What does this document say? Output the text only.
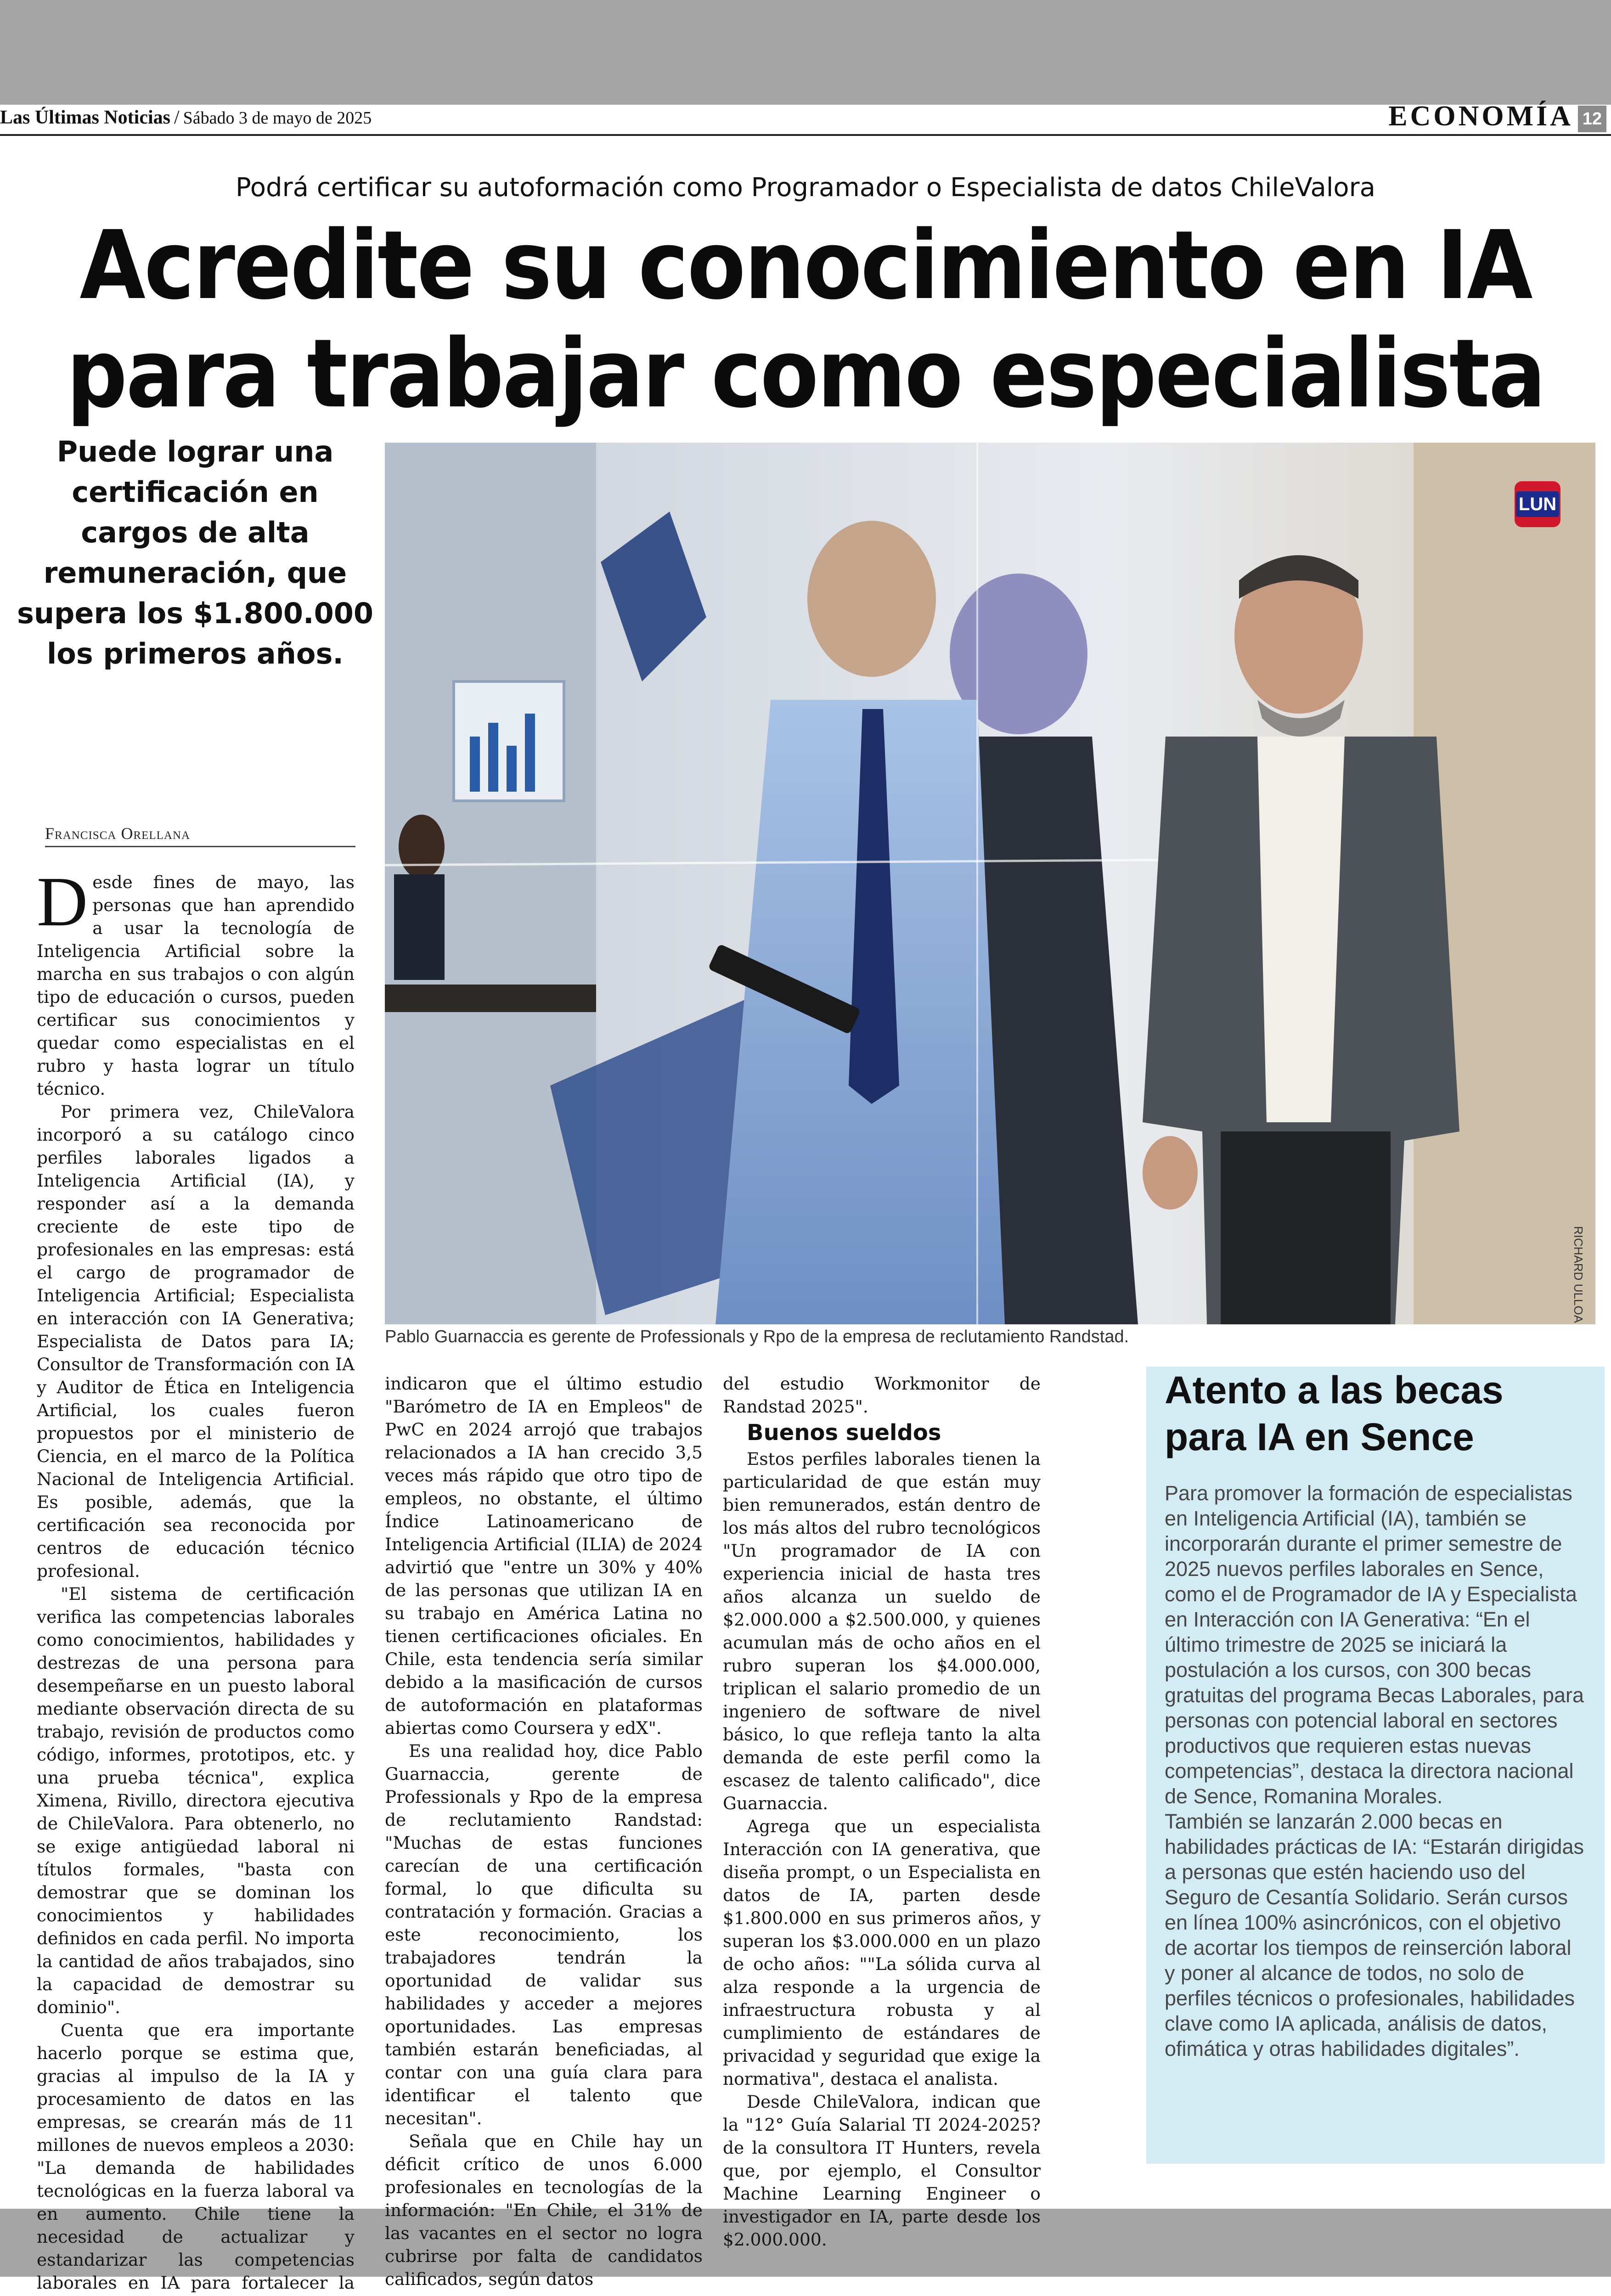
Las Últimas Noticias / Sábado 3 de mayo de 2025	ECONOMÍA 12
Podrá certificar su autoformación como Programador o Especialista de datos ChileValora
Acredite su conocimiento en IA para trabajar como especialista
Puede lograr una certificación en cargos de alta remuneración, que supera los $1.800.000 los primeros años.
Francisca Orellana

Desde fines de mayo, las personas que han aprendido a usar la tecnología de Inteligencia Artificial sobre la marcha en sus trabajos o con algún tipo de educación o cursos, pueden certificar sus conocimientos y quedar como especialistas en el rubro y hasta lograr un título técnico.

Por primera vez, ChileValora incorporó a su catálogo cinco perfiles laborales ligados a Inteligencia Artificial (IA), y responder así a la demanda creciente de este tipo de profesionales en las empresas: está el cargo de programador de Inteligencia Artificial; Especialista en interacción con IA Generativa; Especialista de Datos para IA; Consultor de Transformación con IA y Auditor de Ética en Inteligencia Artificial, los cuales fueron propuestos por el ministerio de Ciencia, en el marco de la Política Nacional de Inteligencia Artificial. Es posible, además, que la certificación sea reconocida por centros de educación técnico profesional.

"El sistema de certificación verifica las competencias laborales como conocimientos, habilidades y destrezas de una persona para desempeñarse en un puesto laboral mediante observación directa de su trabajo, revisión de productos como código, informes, prototipos, etc. y una prueba técnica", explica Ximena, Rivillo, directora ejecutiva de ChileValora. Para obtenerlo, no se exige antigüedad laboral ni títulos formales, "basta con demostrar que se dominan los conocimientos y habilidades definidos en cada perfil. No importa la cantidad de años trabajados, sino la capacidad de demostrar su dominio".

Cuenta que era importante hacerlo porque se estima que, gracias al impulso de la IA y procesamiento de datos en las empresas, se crearán más de 11 millones de nuevos empleos a 2030: "La demanda de habilidades tecnológicas en la fuerza laboral va en aumento. Chile tiene la necesidad de actualizar y estandarizar las competencias laborales en IA para fortalecer la

LUN
RICHARD ULLOA
Pablo Guarnaccia es gerente de Professionals y Rpo de la empresa de reclutamiento Randstad.

indicaron que el último estudio "Barómetro de IA en Empleos" de PwC en 2024 arrojó que trabajos relacionados a IA han crecido 3,5 veces más rápido que otro tipo de empleos, no obstante, el último Índice Latinoamericano de Inteligencia Artificial (ILIA) de 2024 advirtió que "entre un 30% y 40% de las personas que utilizan IA en su trabajo en América Latina no tienen certificaciones oficiales. En Chile, esta tendencia sería similar debido a la masificación de cursos de autoformación en plataformas abiertas como Coursera y edX".

Es una realidad hoy, dice Pablo Guarnaccia, gerente de Professionals y Rpo de la empresa de reclutamiento Randstad: "Muchas de estas funciones carecían de una certificación formal, lo que dificulta su contratación y formación. Gracias a este reconocimiento, los trabajadores tendrán la oportunidad de validar sus habilidades y acceder a mejores oportunidades. Las empresas también estarán beneficiadas, al contar con una guía clara para identificar el talento que necesitan".

Señala que en Chile hay un déficit crítico de unos 6.000 profesionales en tecnologías de la información: "En Chile, el 31% de las vacantes en el sector no logra cubrirse por falta de candidatos calificados, según datos

del estudio Workmonitor de Randstad 2025".

Buenos sueldos

Estos perfiles laborales tienen la particularidad de que están muy bien remunerados, están dentro de los más altos del rubro tecnológicos "Un programador de IA con experiencia inicial de hasta tres años alcanza un sueldo de $2.000.000 a $2.500.000, y quienes acumulan más de ocho años en el rubro superan los $4.000.000, triplican el salario promedio de un ingeniero de software de nivel básico, lo que refleja tanto la alta demanda de este perfil como la escasez de talento calificado", dice Guarnaccia.

Agrega que un especialista Interacción con IA generativa, que diseña prompt, o un Especialista en datos de IA, parten desde $1.800.000 en sus primeros años, y superan los $3.000.000 en un plazo de ocho años: ""La sólida curva al alza responde a la urgencia de infraestructura robusta y al cumplimiento de estándares de privacidad y seguridad que exige la normativa", destaca el analista.

Desde ChileValora, indican que la "12° Guía Salarial TI 2024-2025? de la consultora IT Hunters, revela que, por ejemplo, el Consultor Machine Learning Engineer o investigador en IA, parte desde los $2.000.000.

Atento a las becas para IA en Sence

Para promover la formación de especialistas en Inteligencia Artificial (IA), también se incorporarán durante el primer semestre de 2025 nuevos perfiles laborales en Sence, como el de Programador de IA y Especialista en Interacción con IA Generativa: “En el último trimestre de 2025 se iniciará la postulación a los cursos, con 300 becas gratuitas del programa Becas Laborales, para personas con potencial laboral en sectores productivos que requieren estas nuevas competencias”, destaca la directora nacional de Sence, Romanina Morales.

También se lanzarán 2.000 becas en habilidades prácticas de IA: “Estarán dirigidas a personas que estén haciendo uso del Seguro de Cesantía Solidario. Serán cursos en línea 100% asincrónicos, con el objetivo de acortar los tiempos de reinserción laboral y poner al alcance de todos, no solo de perfiles técnicos o profesionales, habilidades clave como IA aplicada, análisis de datos, ofimática y otras habilidades digitales”.
